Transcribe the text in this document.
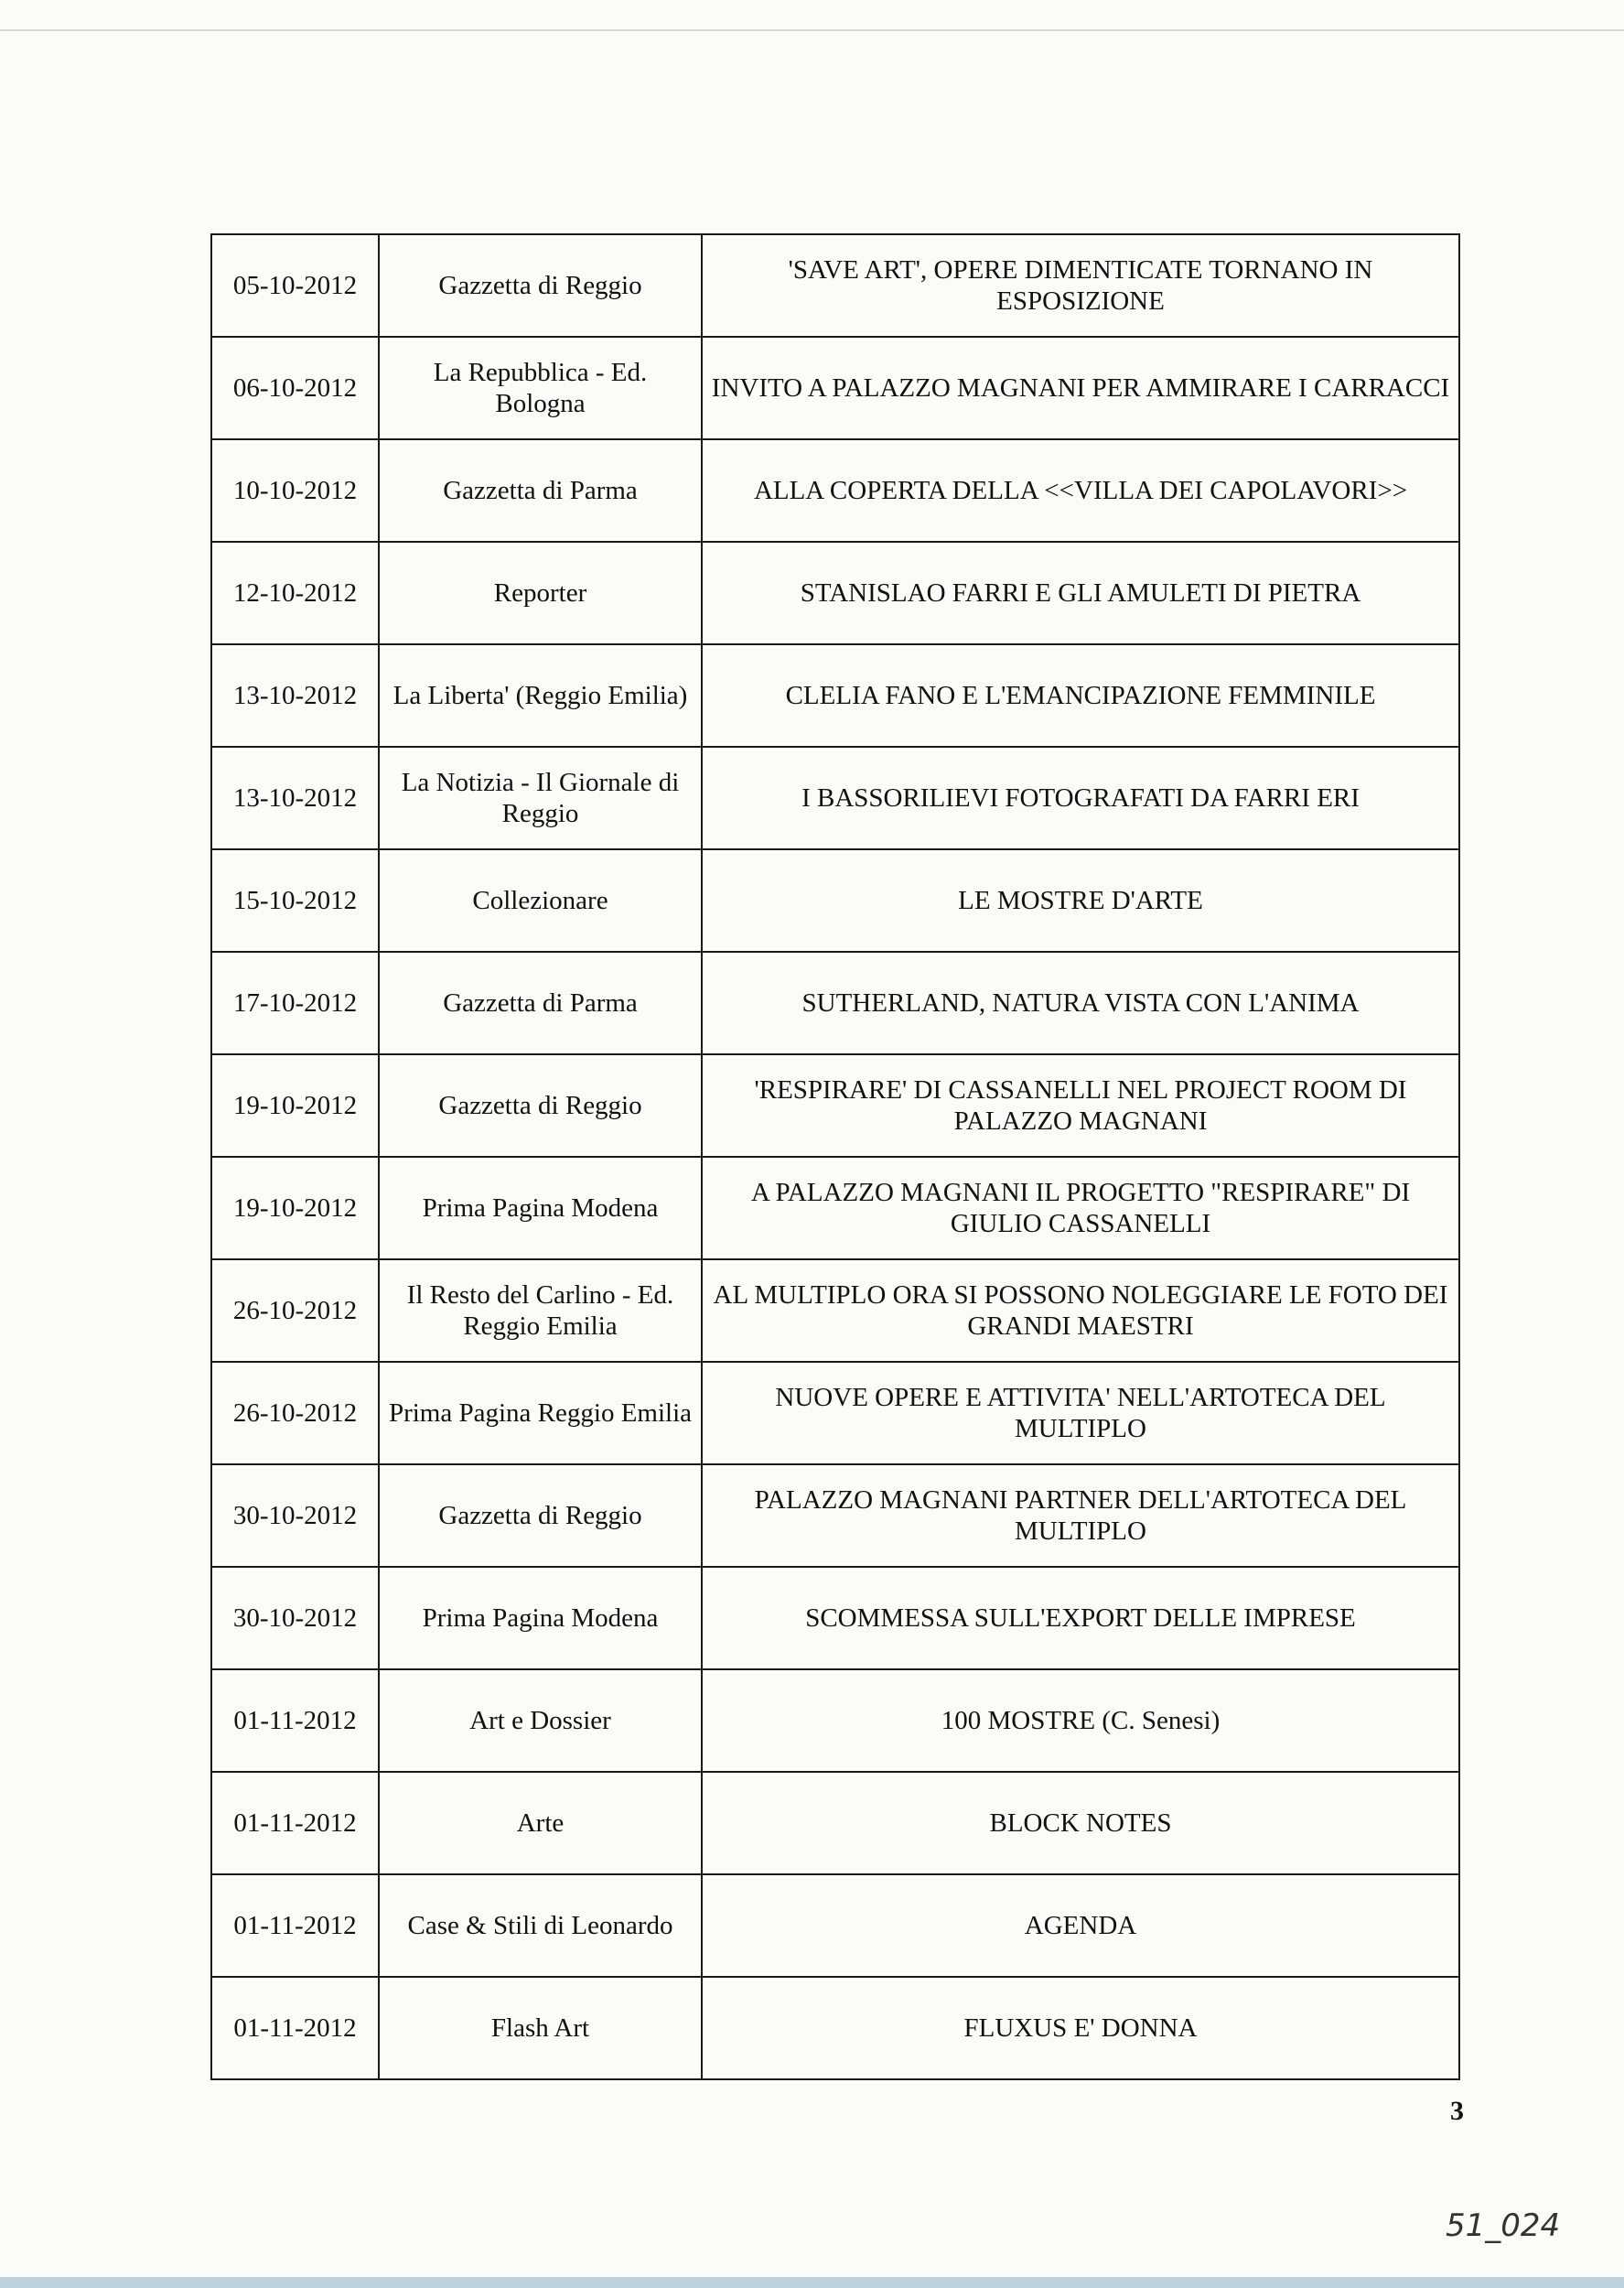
05-10-2012	Gazzetta di Reggio	'SAVE ART', OPERE DIMENTICATE TORNANO IN ESPOSIZIONE
06-10-2012	La Repubblica - Ed. Bologna	INVITO A PALAZZO MAGNANI PER AMMIRARE I CARRACCI
10-10-2012	Gazzetta di Parma	ALLA COPERTA DELLA <<VILLA DEI CAPOLAVORI>>
12-10-2012	Reporter	STANISLAO FARRI E GLI AMULETI DI PIETRA
13-10-2012	La Liberta' (Reggio Emilia)	CLELIA FANO E L'EMANCIPAZIONE FEMMINILE
13-10-2012	La Notizia - Il Giornale di Reggio	I BASSORILIEVI FOTOGRAFATI DA FARRI ERI
15-10-2012	Collezionare	LE MOSTRE D'ARTE
17-10-2012	Gazzetta di Parma	SUTHERLAND, NATURA VISTA CON L'ANIMA
19-10-2012	Gazzetta di Reggio	'RESPIRARE' DI CASSANELLI NEL PROJECT ROOM DI PALAZZO MAGNANI
19-10-2012	Prima Pagina Modena	A PALAZZO MAGNANI IL PROGETTO "RESPIRARE" DI GIULIO CASSANELLI
26-10-2012	Il Resto del Carlino - Ed. Reggio Emilia	AL MULTIPLO ORA SI POSSONO NOLEGGIARE LE FOTO DEI GRANDI MAESTRI
26-10-2012	Prima Pagina Reggio Emilia	NUOVE OPERE E ATTIVITA' NELL'ARTOTECA DEL MULTIPLO
30-10-2012	Gazzetta di Reggio	PALAZZO MAGNANI PARTNER DELL'ARTOTECA DEL MULTIPLO
30-10-2012	Prima Pagina Modena	SCOMMESSA SULL'EXPORT DELLE IMPRESE
01-11-2012	Art e Dossier	100 MOSTRE (C. Senesi)
01-11-2012	Arte	BLOCK NOTES
01-11-2012	Case & Stili di Leonardo	AGENDA
01-11-2012	Flash Art	FLUXUS E' DONNA
3
51_024
